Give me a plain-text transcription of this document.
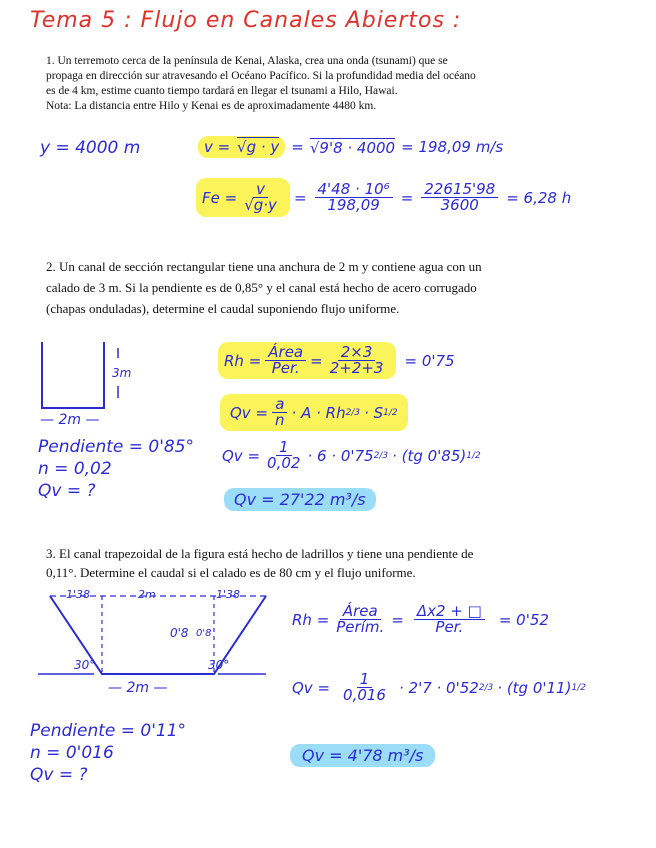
Tema 5 : Flujo en Canales Abiertos :
1. Un terremoto cerca de la península de Kenai, Alaska, crea una onda (tsunami) que se propaga en dirección sur atravesando el Océano Pacífico. Si la profundidad media del océano es de 4 km, estime cuanto tiempo tardará en llegar el tsunami a Hilo, Hawai.
Nota: La distancia entre Hilo y Kenai es de aproximadamente 4480 km.
y = 4000 m	v = √g · y = √9'8 · 4000 = 198,09 m/s
$Fe = \frac{v}{√g\cdot y} = \frac{\text{4'48 · 10⁶}}{198,09} = \frac{22615'98}{3600} = 6,28$ h
2. Un canal de sección rectangular tiene una anchura de 2 m y contiene agua con un calado de 3 m. Si la pendiente es de 0,85° y el canal está hecho de acero corrugado (chapas onduladas), determine el caudal suponiendo flujo uniforme.
3m
— 2m —
Pendiente = 0'85°
n = 0,02
Qv = ?
$Rh = \frac{\text{Área}}{\text{Per.}} = \frac{2\times 3}{2+2+3} = 0'75$
$Qv = \frac{a}{n} \cdot A \cdot Rh$ 2/3 · S 1/2
$Qv = \frac{1}{0,02} \cdot 6 \cdot 0'75$ 2/3 · (tg 0'85) 1/2
Qv = 27'22 m³/s
3. El canal trapezoidal de la figura está hecho de ladrillos y tiene una pendiente de 0,11°. Determine el caudal si el calado es de 80 cm y el flujo uniforme.
1'38	2m	1'38
0'8 0'8
30°	30°
— 2m —
Pendiente = 0'11°
n = 0'016
Qv = ?
$Rh = \frac{\text{Área}}{\text{Perím.}} = \frac{\Delta x2 + □}{\text{Per.}} = 0'52$
$Qv = \frac{1}{0,016} \cdot 2'7 \cdot 0'52$ 2/3 · (tg 0'11) 1/2
Qv = 4'78 m³/s
